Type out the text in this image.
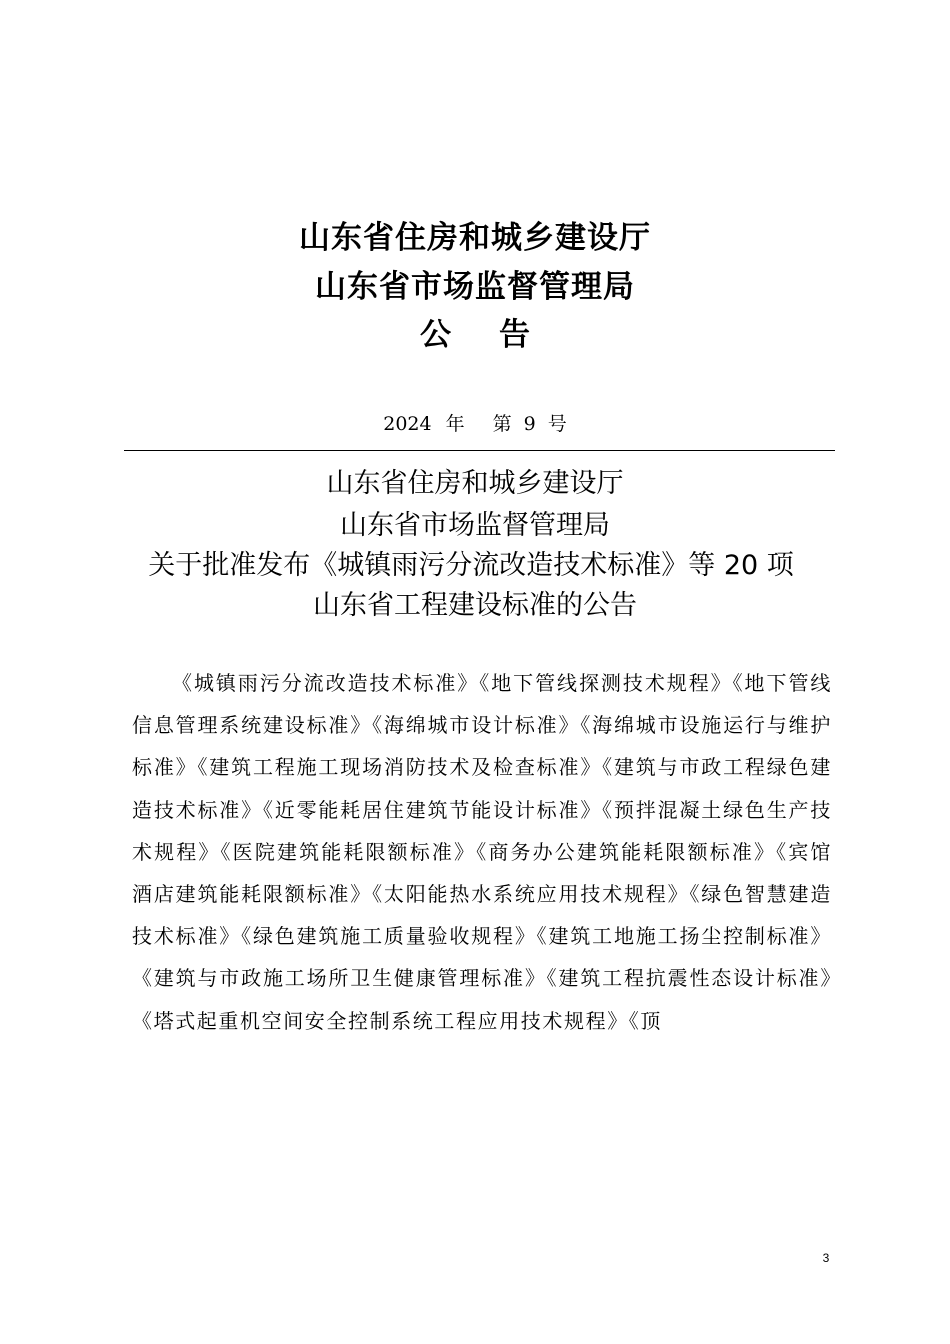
山东省住房和城乡建设厅
山东省市场监督管理局
公 告
2024 年 第 9 号
山东省住房和城乡建设厅
山东省市场监督管理局
关于批准发布《城镇雨污分流改造技术标准》等 20 项
山东省工程建设标准的公告

《城镇雨污分流改造技术标准》《地下管线探测技术规程》《地下管线信息管理系统建设标准》《海绵城市设计标准》《海绵城市设施运行与维护标准》《建筑工程施工现场消防技术及检查标准》《建筑与市政工程绿色建造技术标准》《近零能耗居住建筑节能设计标准》《预拌混凝土绿色生产技术规程》《医院建筑能耗限额标准》《商务办公建筑能耗限额标准》《宾馆酒店建筑能耗限额标准》《太阳能热水系统应用技术规程》《绿色智慧建造技术标准》《绿色建筑施工质量验收规程》《建筑工地施工扬尘控制标准》《建筑与市政施工场所卫生健康管理标准》《建筑工程抗震性态设计标准》《塔式起重机空间安全控制系统工程应用技术规程》《顶

3
